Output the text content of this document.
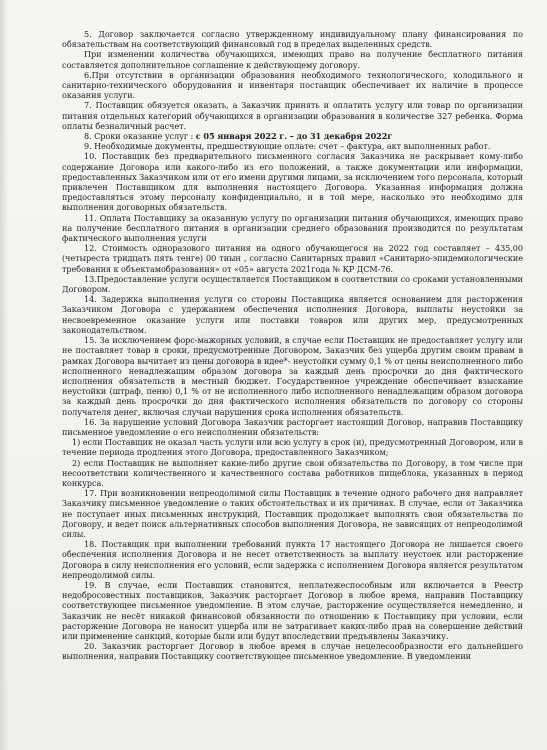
5. Договор заключается согласно утвержденному индивидуальному плану финансирования по обязательствам на соответствующий финансовый год в пределах выделенных средств.

При изменении количества обучающихся, имеющих право на получение бесплатного питания составляется дополнительное соглашение к действующему договору.

6.При отсутствии в организации образования необходимого технологического, холодильного и санитарно-технического оборудования и инвентаря поставщик обеспечивает их наличие в процессе оказания услуги.

7. Поставщик обязуется оказать, а Заказчик принять и оплатить услугу или товар по организации питания отдельных категорий обучающихся в организации образования в количестве 327 ребенка. Форма оплаты безналичный расчет.

8. Сроки оказание услуг : с 05 января 2022 г. – до 31 декабря 2022г

9. Необходимые документы, предшествующие оплате: счет – фактура, акт выполненных работ.

10. Поставщик без предварительного письменного согласия Заказчика не раскрывает кому-либо содержание Договора или какого-либо из его положений, а также документации или информации, предоставленных Заказчиком или от его имени другими лицами, за исключением того персонала, который привлечен Поставщиком для выполнения настоящего Договора. Указанная информация должна предоставляться этому персоналу конфиденциально, и в той мере, насколько это необходимо для выполнения договорных обязательств.

11. Оплата Поставщику за оказанную услугу по организации питания обучающихся, имеющих право на получение бесплатного питания в организации среднего образования производится по результатам фактического выполнения услуги

12. Стоимость одноразового питания на одного обучающегося на 2022 год составляет – 435,00 (четыреста тридцать пять тенге) 00 тиын , согласно Санитарных правил «Санитарно-эпидемиологические требования к объектамобразования» от «05» августа 2021года № ҚР ДСМ-76.

13.Предоставление услуги осуществляется Поставщиком в соответствии со сроками установленными Договором.

14. Задержка выполнения услуги со стороны Поставщика является основанием для расторжения Заказчиком Договора с удержанием обеспечения исполнения Договора, выплаты неустойки за несвоевременное оказание услуги или поставки товаров или других мер, предусмотренных законодательством.

15. За исключением форс-мажорных условий, в случае если Поставщик не предоставляет услугу или не поставляет товар в сроки, предусмотренные Договором, Заказчик без ущерба другим своим правам в рамках Договора вычитает из цены договора в идее*- неустойки сумму 0,1 % от цены неисполненного либо исполненного ненадлежащим образом договора за каждый день просрочки до дня фактического исполнения обязательств в местный бюджет. Государственное учреждение обеспечивает взыскание неустойки (штраф, пеню) 0,1 % от не исполненного либо исполненного ненадлежащим образом договора за каждый день просрочки до дня фактического исполнения обязательств по договору со стороны получателя денег, включая случаи нарушения срока исполнения обязательств.

16. За нарушение условий Договора Заказчик расторгает настоящий Договор, направив Поставщику письменное уведомление о его неисполнении обязательств:

1) если Поставщик не оказал часть услуги или всю услугу в срок (и), предусмотренный Договором, или в течение периода продления этого Договора, предоставленного Заказчиком;

2) если Поставщик не выполняет какие-либо другие свои обязательства по Договору, в том числе при несоответствии количественного и качественного состава работников пищеблока, указанных в период конкурса.

17. При возникновении непреодолимой силы Поставщик в течение одного рабочего дня направляет Заказчику письменное уведомление о таких обстоятельствах и их причинах. В случае, если от Заказчика не поступает иных письменных инструкций, Поставщик продолжает выполнять свои обязательства по Договору, и ведет поиск альтернативных способов выполнения Договора, не зависящих от непреодолимой силы.

18. Поставщик при выполнении требований пункта 17 настоящего Договора не лишается своего обеспечения исполнения Договора и не несет ответственность за выплату неустоек или расторжение Договора в силу неисполнения его условий, если задержка с исполнением Договора является результатом непреодолимой силы.

19. В случае, если Поставщик становится, неплатежеспособным или включается в Реестр недобросовестных поставщиков, Заказчик расторгает Договор в любое время, направив Поставщику соответствующее письменное уведомление. В этом случае, расторжение осуществляется немедленно, и Заказчик не несёт никакой финансовой обязанности по отношению к Поставщику при условии, если расторжение Договора не наносит ущерба или не затрагивает каких-либо прав на совершение действий или применение санкций, которые были или будут впоследствии предъявлены Заказчику.

20. Заказчик расторгает Договор в любое время в случае нецелесообразности его дальнейшего выполнения, направив Поставщику соответствующее письменное уведомление. В уведомлении
